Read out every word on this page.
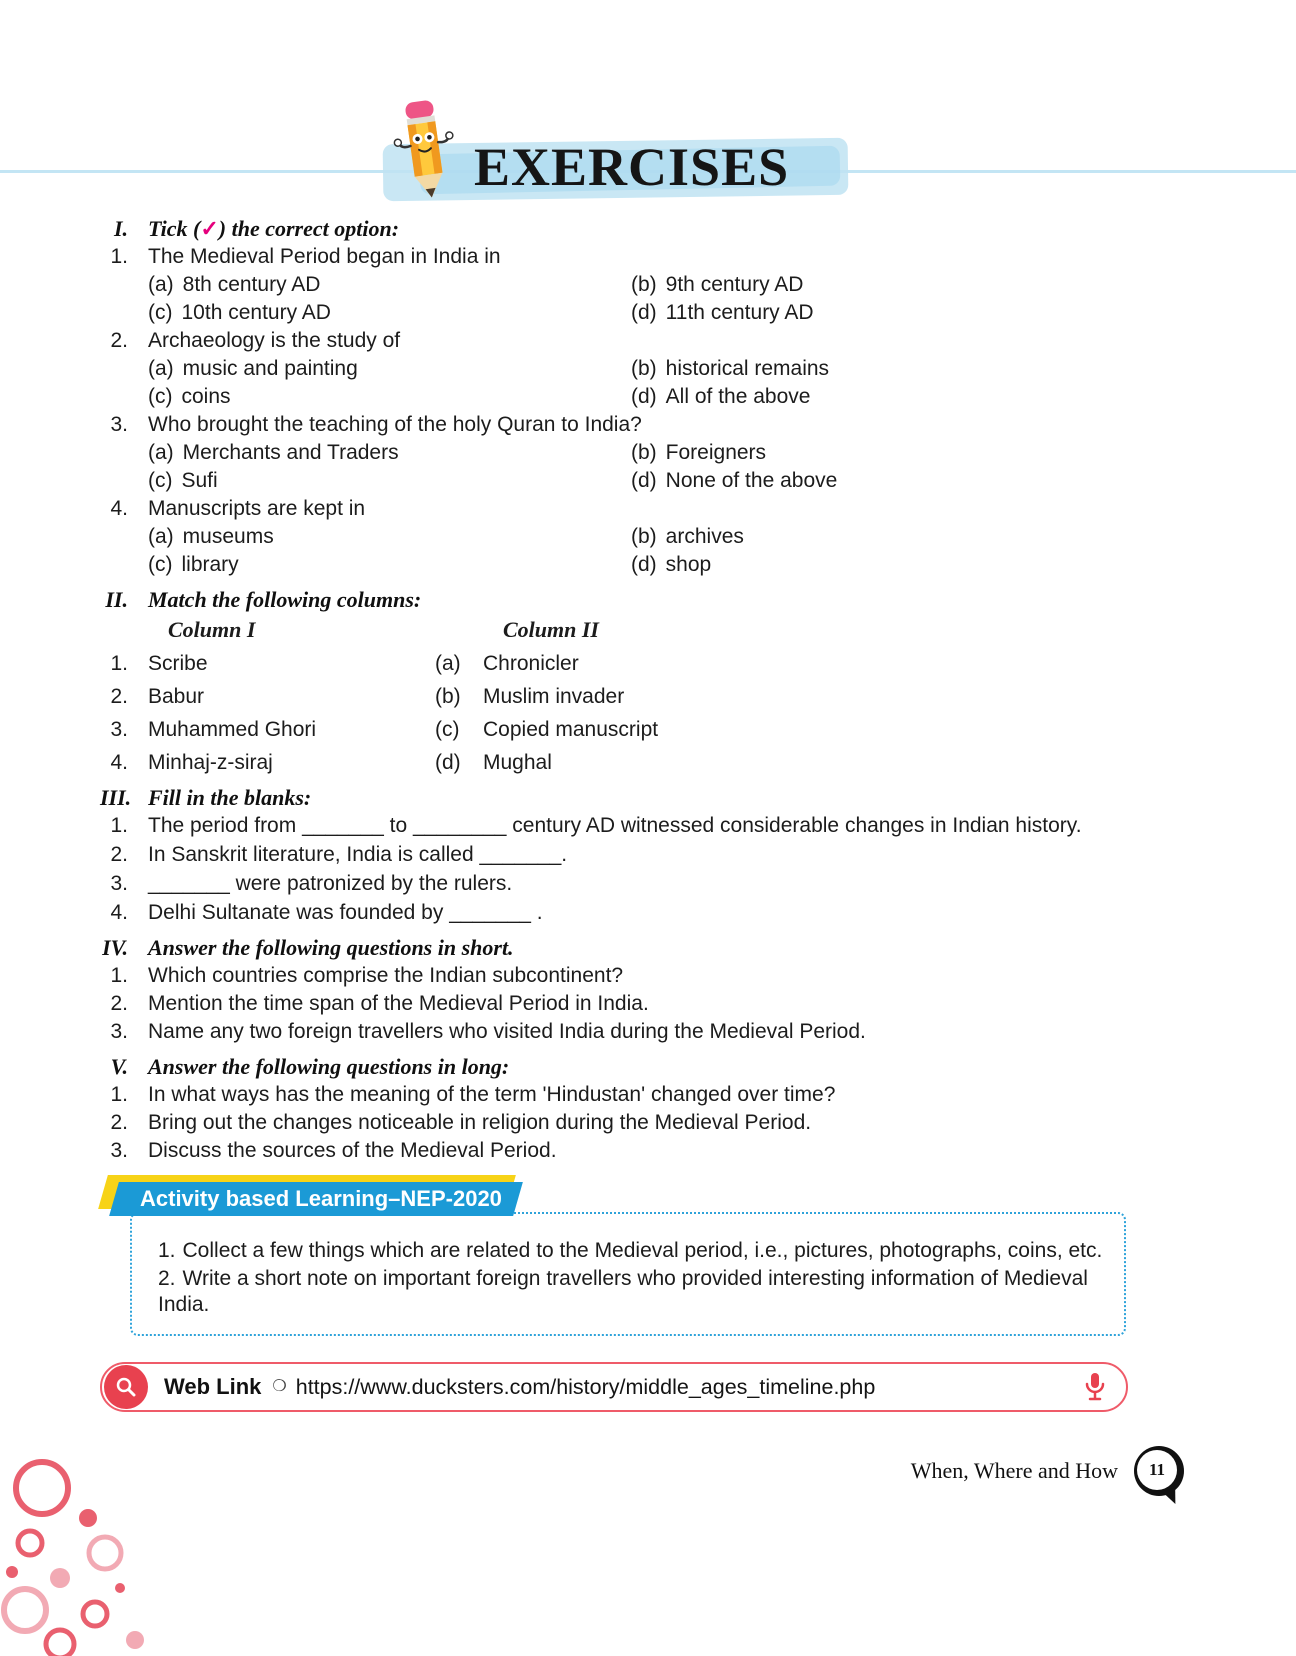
EXERCISES
I. Tick (✓) the correct option:
1. The Medieval Period began in India in
(a) 8th century AD	(b) 9th century AD
(c) 10th century AD	(d) 11th century AD
2. Archaeology is the study of
(a) music and painting	(b) historical remains
(c) coins	(d) All of the above
3. Who brought the teaching of the holy Quran to India?
(a) Merchants and Traders	(b) Foreigners
(c) Sufi	(d) None of the above
4. Manuscripts are kept in
(a) museums	(b) archives
(c) library	(d) shop
II. Match the following columns:
Column I	Column II
1. Scribe	(a)	Chronicler
2. Babur	(b)	Muslim invader
3. Muhammed Ghori	(c)	Copied manuscript
4. Minhaj-z-siraj	(d)	Mughal
III. Fill in the blanks:
1. The period from _______ to ________ century AD witnessed considerable changes in Indian history.
2. In Sanskrit literature, India is called _______.
3. _______ were patronized by the rulers.
4. Delhi Sultanate was founded by _______ .
IV. Answer the following questions in short.
1. Which countries comprise the Indian subcontinent?
2. Mention the time span of the Medieval Period in India.
3. Name any two foreign travellers who visited India during the Medieval Period.
V. Answer the following questions in long:
1. In what ways has the meaning of the term 'Hindustan' changed over time?
2. Bring out the changes noticeable in religion during the Medieval Period.
3. Discuss the sources of the Medieval Period.
Activity based Learning–NEP-2020
1. Collect a few things which are related to the Medieval period, i.e., pictures, photographs, coins, etc.
2. Write a short note on important foreign travellers who provided interesting information of Medieval India.
Web Link ❍ https://www.ducksters.com/history/middle_ages_timeline.php
When, Where and How	11
